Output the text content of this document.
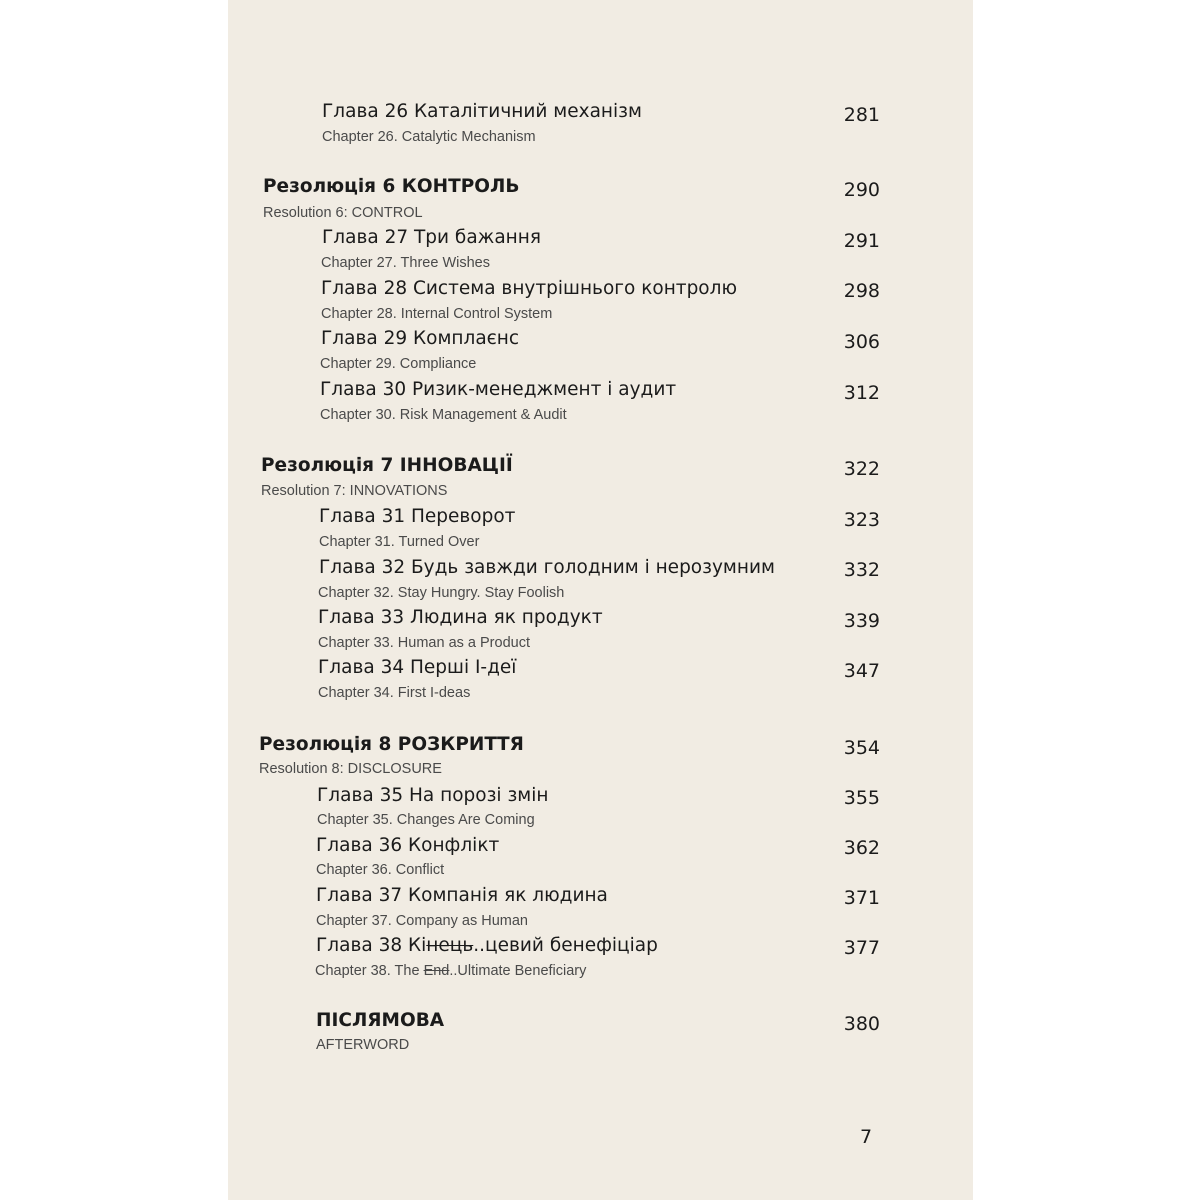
Глава 26 Каталітичний механізм
Chapter 26. Catalytic Mechanism
281
Резолюція 6 КОНТРОЛЬ
Resolution 6: CONTROL
290
Глава 27 Три бажання
Chapter 27. Three Wishes
291
Глава 28 Система внутрішнього контролю
Chapter 28. Internal Control System
298
Глава 29 Комплаєнс
Chapter 29. Compliance
306
Глава 30 Ризик-менеджмент і аудит
Chapter 30. Risk Management & Audit
312
Резолюція 7 ІННОВАЦІЇ
Resolution 7: INNOVATIONS
322
Глава 31 Переворот
Chapter 31. Turned Over
323
Глава 32 Будь завжди голодним і нерозумним
Chapter 32. Stay Hungry. Stay Foolish
332
Глава 33 Людина як продукт
Chapter 33. Human as a Product
339
Глава 34 Перші І-деї
Chapter 34. First I-deas
347
Резолюція 8 РОЗКРИТТЯ
Resolution 8: DISCLOSURE
354
Глава 35 На порозі змін
Chapter 35. Changes Are Coming
355
Глава 36 Конфлікт
Chapter 36. Conflict
362
Глава 37 Компанія як людина
Chapter 37. Company as Human
371
Глава 38 Кінець..цевий бенефіціар
Chapter 38. The End..Ultimate Beneficiary
377
ПІСЛЯМОВА
AFTERWORD
380
7
